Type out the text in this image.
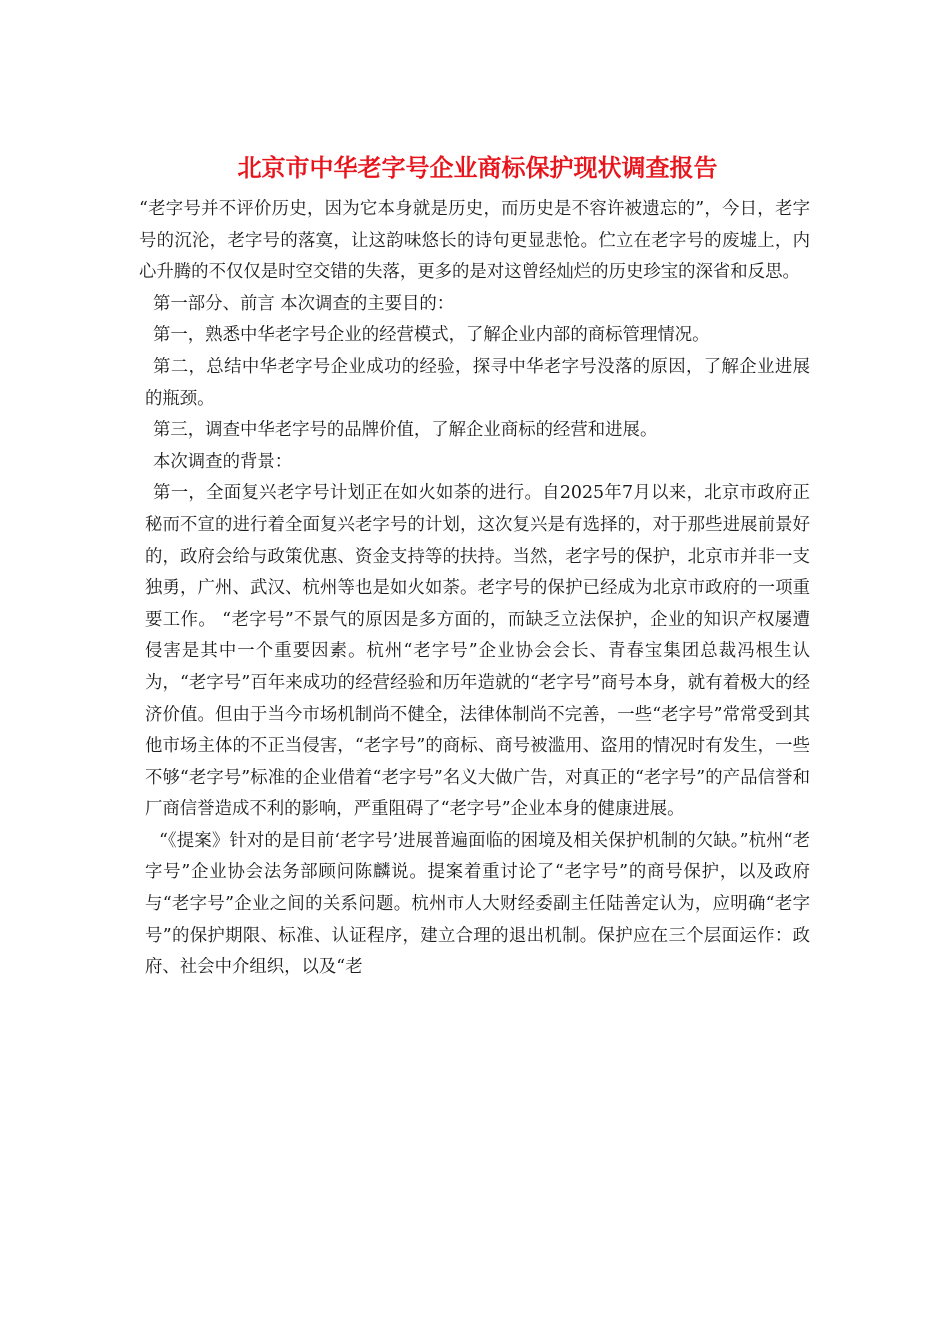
北京市中华老字号企业商标保护现状调查报告

“老字号并不评价历史，因为它本身就是历史，而历史是不容许被遗忘的”，今日，老字号的沉沦，老字号的落寞，让这韵味悠长的诗句更显悲怆。伫立在老字号的废墟上，内心升腾的不仅仅是时空交错的失落，更多的是对这曾经灿烂的历史珍宝的深省和反思。

第一部分、前言 本次调查的主要目的：

第一，熟悉中华老字号企业的经营模式，了解企业内部的商标管理情况。

第二，总结中华老字号企业成功的经验，探寻中华老字号没落的原因，了解企业进展的瓶颈。

第三，调查中华老字号的品牌价值，了解企业商标的经营和进展。

本次调查的背景：

第一，全面复兴老字号计划正在如火如荼的进行。自2025年7月以来，北京市政府正秘而不宣的进行着全面复兴老字号的计划，这次复兴是有选择的，对于那些进展前景好的，政府会给与政策优惠、资金支持等的扶持。当然，老字号的保护，北京市并非一支独勇，广州、武汉、杭州等也是如火如荼。老字号的保护已经成为北京市政府的一项重要工作。 “老字号”不景气的原因是多方面的，而缺乏立法保护，企业的知识产权屡遭侵害是其中一个重要因素。杭州“老字号”企业协会会长、青春宝集团总裁冯根生认为，“老字号”百年来成功的经营经验和历年造就的“老字号”商号本身，就有着极大的经济价值。但由于当今市场机制尚不健全，法律体制尚不完善，一些“老字号”常常受到其他市场主体的不正当侵害，“老字号”的商标、商号被滥用、盗用的情况时有发生，一些不够“老字号”标准的企业借着“老字号”名义大做广告，对真正的“老字号”的产品信誉和厂商信誉造成不利的影响，严重阻碍了“老字号”企业本身的健康进展。

“《提案》针对的是目前‘老字号’进展普遍面临的困境及相关保护机制的欠缺。”杭州“老字号”企业协会法务部顾问陈麟说。提案着重讨论了“老字号”的商号保护，以及政府与“老字号”企业之间的关系问题。杭州市人大财经委副主任陆善定认为，应明确“老字号”的保护期限、标准、认证程序，建立合理的退出机制。保护应在三个层面运作：政府、社会中介组织，以及“老
